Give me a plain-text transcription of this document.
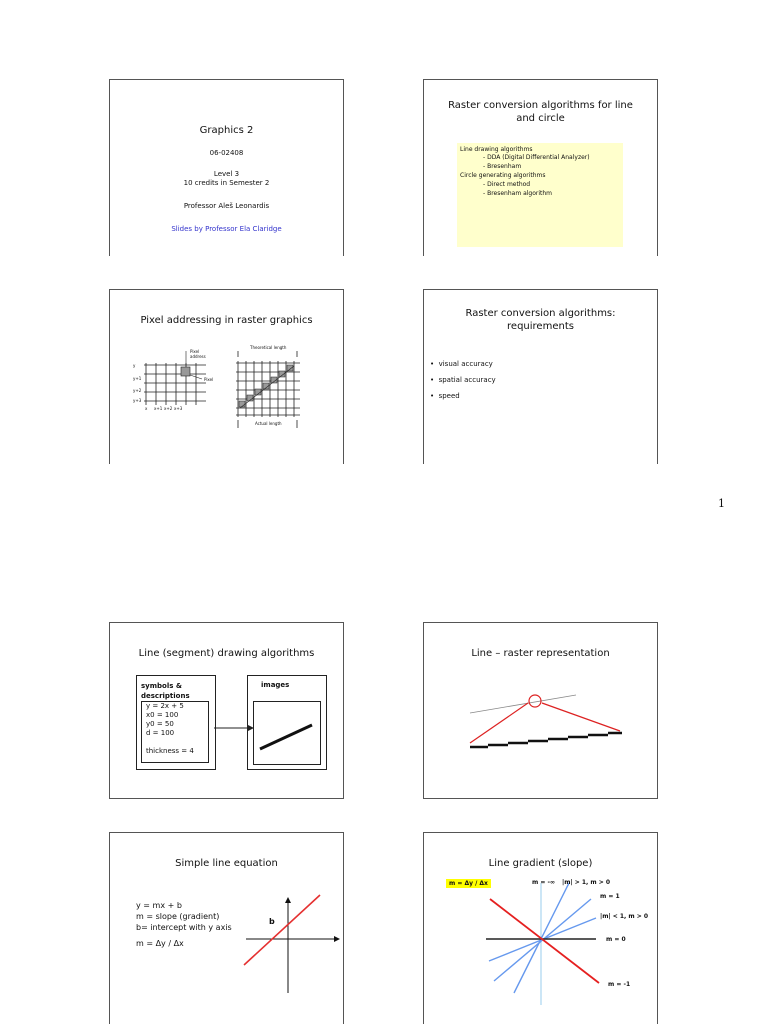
1
Graphics 2
06-02408
Level 3
10 credits in Semester 2
Professor Aleš Leonardis
Slides by Professor Ela Claridge
Raster conversion algorithms for line
and circle
Line drawing algorithms
- DDA (Digital Differential Analyzer)
- Bresenham
Circle generating algorithms
- Direct method
- Bresenham algorithm
Pixel addressing in raster graphics
Pixel address
Pixel
y
y+1
y+2
y+3
x x+1 x+2 x+3
Theoretical length
Actual length
Raster conversion algorithms:
requirements
•  visual accuracy
•  spatial accuracy
•  speed
Line (segment) drawing algorithms
symbols &
descriptions
y = 2x + 5
x0 = 100
y0 = 50
d = 100
thickness = 4
images
Line – raster representation
Simple line equation
y = mx + b
m = slope (gradient)
b= intercept with y axis
m = Δy / Δx
b
Line gradient (slope)
m = Δy / Δx	m = -∞ |m| > 1, m > 0
m = 1
|m| < 1, m > 0
m = 0
m = -1
